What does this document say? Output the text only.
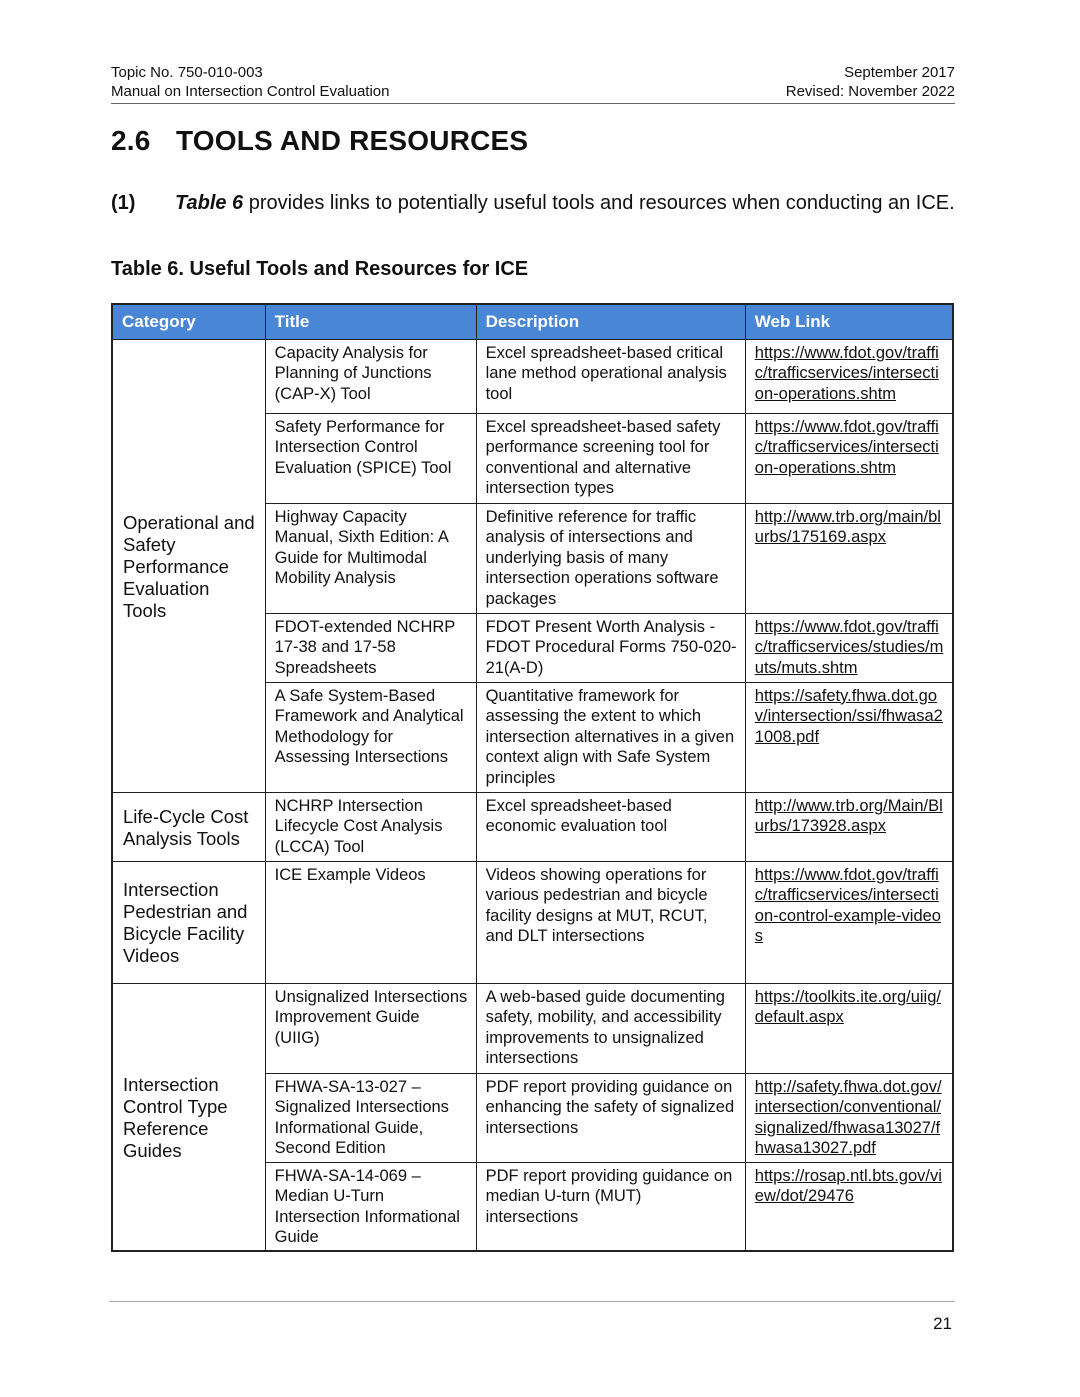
Topic No. 750-010-003
Manual on Intersection Control Evaluation
September 2017
Revised: November 2022
2.6 TOOLS AND RESOURCES
(1) Table 6 provides links to potentially useful tools and resources when conducting an ICE.
Table 6. Useful Tools and Resources for ICE
Category	Title	Description	Web Link
Operational and Safety Performance Evaluation Tools	Capacity Analysis for Planning of Junctions (CAP-X) Tool	Excel spreadsheet-based critical lane method operational analysis tool	https://www.fdot.gov/traffic/trafficservices/intersection-operations.shtm
	Safety Performance for Intersection Control Evaluation (SPICE) Tool	Excel spreadsheet-based safety performance screening tool for conventional and alternative intersection types	https://www.fdot.gov/traffic/trafficservices/intersection-operations.shtm
	Highway Capacity Manual, Sixth Edition: A Guide for Multimodal Mobility Analysis	Definitive reference for traffic analysis of intersections and underlying basis of many intersection operations software packages	http://www.trb.org/main/blurbs/175169.aspx
	FDOT-extended NCHRP 17-38 and 17-58 Spreadsheets	FDOT Present Worth Analysis - FDOT Procedural Forms 750-020-21(A-D)	https://www.fdot.gov/traffic/trafficservices/studies/muts/muts.shtm
	A Safe System-Based Framework and Analytical Methodology for Assessing Intersections	Quantitative framework for assessing the extent to which intersection alternatives in a given context align with Safe System principles	https://safety.fhwa.dot.gov/intersection/ssi/fhwasa21008.pdf
Life-Cycle Cost Analysis Tools	NCHRP Intersection Lifecycle Cost Analysis (LCCA) Tool	Excel spreadsheet-based economic evaluation tool	http://www.trb.org/Main/Blurbs/173928.aspx
Intersection Pedestrian and Bicycle Facility Videos	ICE Example Videos	Videos showing operations for various pedestrian and bicycle facility designs at MUT, RCUT, and DLT intersections	https://www.fdot.gov/traffic/trafficservices/intersection-control-example-videos
Intersection Control Type Reference Guides	Unsignalized Intersections Improvement Guide (UIIG)	A web-based guide documenting safety, mobility, and accessibility improvements to unsignalized intersections	https://toolkits.ite.org/uiig/default.aspx
	FHWA-SA-13-027 – Signalized Intersections Informational Guide, Second Edition	PDF report providing guidance on enhancing the safety of signalized intersections	http://safety.fhwa.dot.gov/intersection/conventional/signalized/fhwasa13027/fhwasa13027.pdf
	FHWA-SA-14-069 – Median U-Turn Intersection Informational Guide	PDF report providing guidance on median U-turn (MUT) intersections	https://rosap.ntl.bts.gov/view/dot/29476
21
